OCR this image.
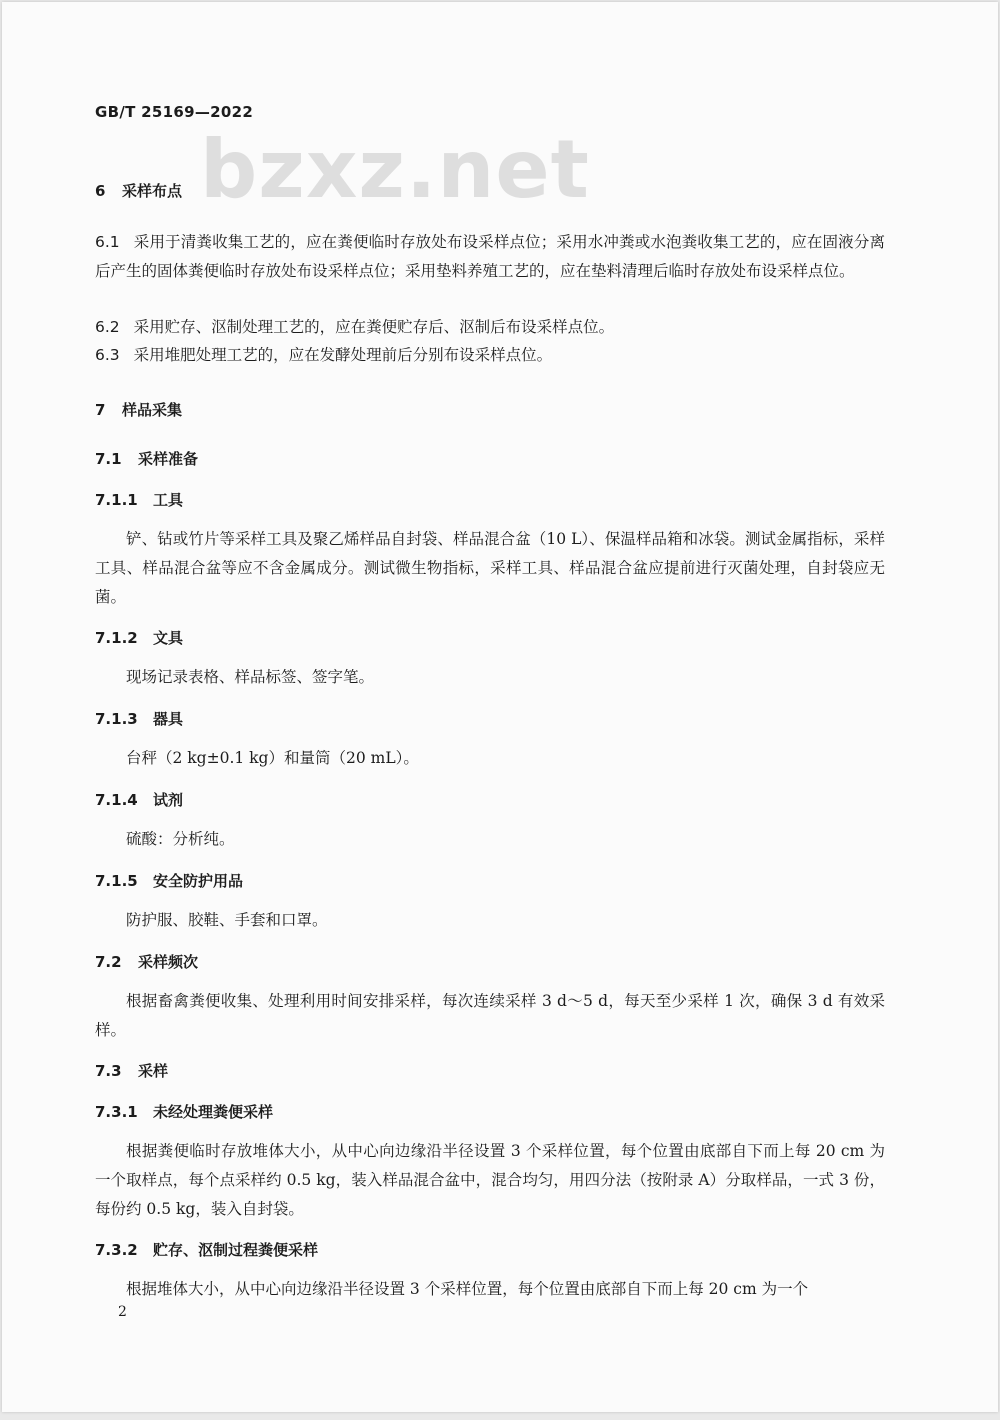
GB/T 25169—2022
bzxz.net
6 采样布点
6.1 采用于清粪收集工艺的，应在粪便临时存放处布设采样点位；采用水冲粪或水泡粪收集工艺的，应在固液分离后产生的固体粪便临时存放处布设采样点位；采用垫料养殖工艺的，应在垫料清理后临时存放处布设采样点位。
6.2 采用贮存、沤制处理工艺的，应在粪便贮存后、沤制后布设采样点位。
6.3 采用堆肥处理工艺的，应在发酵处理前后分别布设采样点位。
7 样品采集
7.1 采样准备
7.1.1 工具
铲、钻或竹片等采样工具及聚乙烯样品自封袋、样品混合盆（10 L）、保温样品箱和冰袋。测试金属指标，采样工具、样品混合盆等应不含金属成分。测试微生物指标，采样工具、样品混合盆应提前进行灭菌处理，自封袋应无菌。
7.1.2 文具
现场记录表格、样品标签、签字笔。
7.1.3 器具
台秤（2 kg±0.1 kg）和量筒（20 mL）。
7.1.4 试剂
硫酸：分析纯。
7.1.5 安全防护用品
防护服、胶鞋、手套和口罩。
7.2 采样频次
根据畜禽粪便收集、处理利用时间安排采样，每次连续采样 3 d～5 d，每天至少采样 1 次，确保 3 d 有效采样。
7.3 采样
7.3.1 未经处理粪便采样
根据粪便临时存放堆体大小，从中心向边缘沿半径设置 3 个采样位置，每个位置由底部自下而上每 20 cm 为一个取样点，每个点采样约 0.5 kg，装入样品混合盆中，混合均匀，用四分法（按附录 A）分取样品，一式 3 份，每份约 0.5 kg，装入自封袋。
7.3.2 贮存、沤制过程粪便采样
根据堆体大小，从中心向边缘沿半径设置 3 个采样位置，每个位置由底部自下而上每 20 cm 为一个
2
